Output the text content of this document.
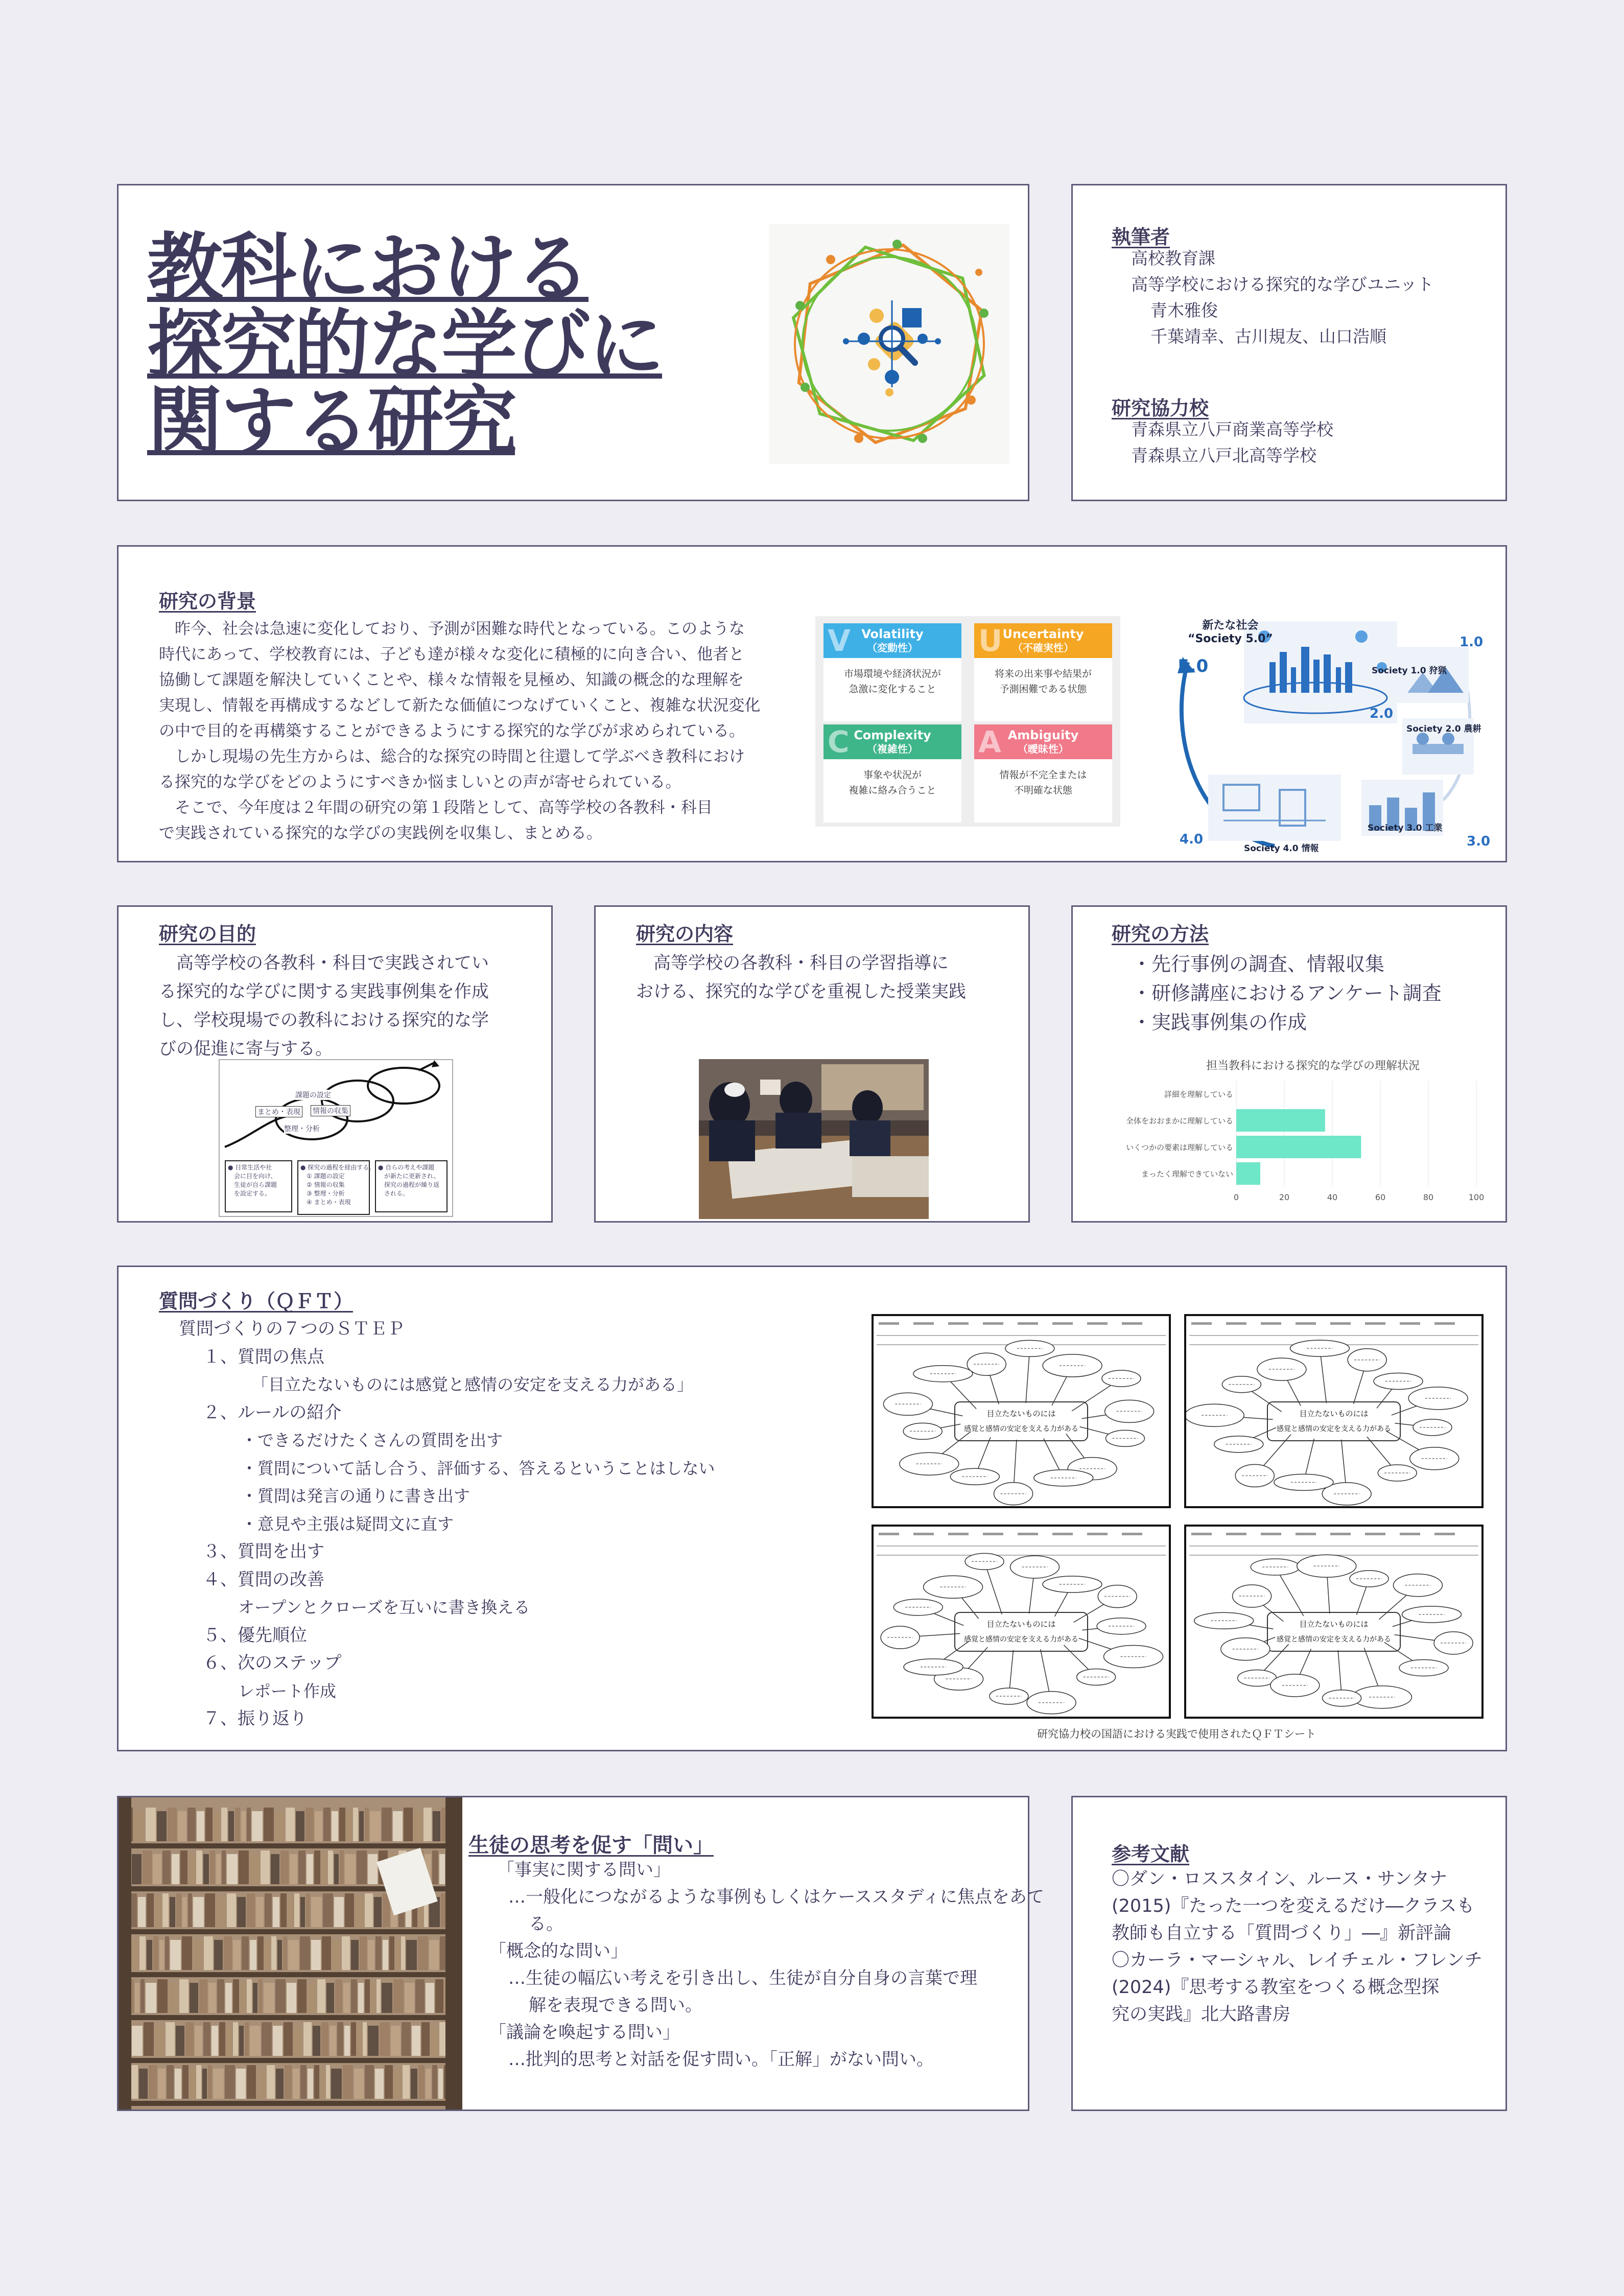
教科における
探究的な学びに
関する研究
執筆者
高校教育課
高等学校における探究的な学びユニット
青木雅俊
千葉靖幸、古川規友、山口浩順
研究協力校
青森県立八戸商業高等学校
青森県立八戸北高等学校
研究の背景
　昨今、社会は急速に変化しており、予測が困難な時代となっている。このような
時代にあって、学校教育には、子ども達が様々な変化に積極的に向き合い、他者と
協働して課題を解決していくことや、様々な情報を見極め、知識の概念的な理解を
実現し、情報を再構成するなどして新たな価値につなげていくこと、複雑な状況変化
の中で目的を再構築することができるようにする探究的な学びが求められている。
　しかし現場の先生方からは、総合的な探究の時間と往還して学ぶべき教科におけ
る探究的な学びをどのようにすべきか悩ましいとの声が寄せられている。
　そこで、今年度は２年間の研究の第１段階として、高等学校の各教科・科目
で実践されている探究的な学びの実践例を収集し、まとめる。
V Volatility
（変動性）
市場環境や経済状況が
急激に変化すること
U Uncertainty
（不確実性）
将来の出来事や結果が
予測困難である状態
C Complexity
（複雑性）
事象や状況が
複雑に絡み合うこと
A Ambiguity
（曖昧性）
情報が不完全または
不明確な状態
新たな社会
“Society 5.0”
5.0
1.0
2.0
3.0
4.0
Society 1.0 狩猟
Society 2.0 農耕
Society 3.0 工業
Society 4.0 情報
研究の目的
　高等学校の各教科・科目で実践されてい
る探究的な学びに関する実践事例集を作成
し、学校現場での教科における探究的な学
びの促進に寄与する。
課題の設定
情報の収集
まとめ・表現
整理・分析
● 日常生活や社
　会に目を向け、
　生徒が自ら課題
　を設定する。
● 探究の過程を経由する。
　① 課題の設定
　② 情報の収集
　③ 整理・分析
　④ まとめ・表現
● 自らの考えや課題
　が新たに更新され、
　探究の過程が繰り返
　される。
研究の内容
　高等学校の各教科・科目の学習指導に
おける、探究的な学びを重視した授業実践
研究の方法
・先行事例の調査、情報収集
・研修講座におけるアンケート調査
・実践事例集の作成
担当教科における探究的な学びの理解状況
0	20	40	60	80	100
詳細を理解している
全体をおおまかに理解している
いくつかの要素は理解している
まったく理解できていない
質問づくり（ＱＦＴ）
質問づくりの７つのＳＴＥＰ
１、質問の焦点
「目立たないものには感覚と感情の安定を支える力がある」
２、ルールの紹介
・できるだけたくさんの質問を出す
・質問について話し合う、評価する、答えるということはしない
・質問は発言の通りに書き出す
・意見や主張は疑問文に直す
３、質問を出す
４、質問の改善
オープンとクローズを互いに書き換える
５、優先順位
６、次のステップ
レポート作成
７、振り返り
目立たないものには
感覚と感情の安定を支える力がある
目立たないものには
感覚と感情の安定を支える力がある
目立たないものには
感覚と感情の安定を支える力がある
目立たないものには
感覚と感情の安定を支える力がある
研究協力校の国語における実践で使用されたＱＦＴシート
生徒の思考を促す「問い」
「事実に関する問い」
…一般化につながるような事例もしくはケーススタディに焦点をあて
る。
「概念的な問い」
…生徒の幅広い考えを引き出し、生徒が自分自身の言葉で理
解を表現できる問い。
「議論を喚起する問い」
…批判的思考と対話を促す問い。「正解」がない問い。
参考文献
〇ダン・ロススタイン、ルース・サンタナ
(2015)『たった一つを変えるだけ―クラスも
教師も自立する「質問づくり」―』新評論
〇カーラ・マーシャル、レイチェル・フレンチ
(2024)『思考する教室をつくる概念型探
究の実践』北大路書房
